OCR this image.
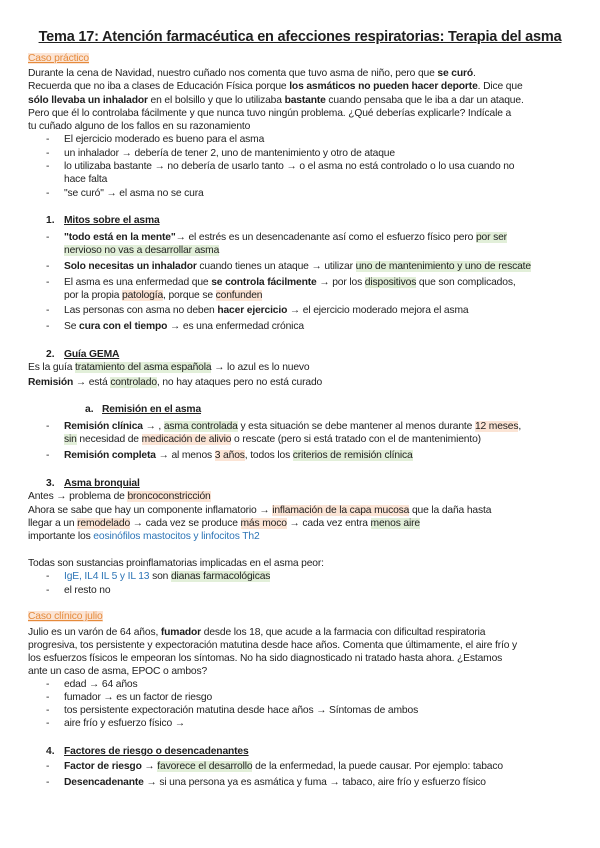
Tema 17: Atención farmacéutica en afecciones respiratorias: Terapia del asma
Caso práctico
Durante la cena de Navidad, nuestro cuñado nos comenta que tuvo asma de niño, pero que se curó.
Recuerda que no iba a clases de Educación Física porque los asmáticos no pueden hacer deporte. Dice que
sólo llevaba un inhalador en el bolsillo y que lo utilizaba bastante cuando pensaba que le iba a dar un ataque.
Pero que él lo controlaba fácilmente y que nunca tuvo ningún problema. ¿Qué deberías explicarle? Indícale a
tu cuñado alguno de los fallos en su razonamiento
- El ejercicio moderado es bueno para el asma
- un inhalador → debería de tener 2, uno de mantenimiento y otro de ataque
- lo utilizaba bastante → no debería de usarlo tanto → o el asma no está controlado o lo usa cuando no
hace falta
- "se curó" → el asma no se cura
1. Mitos sobre el asma
- "todo está en la mente"→ el estrés es un desencadenante así como el esfuerzo físico pero por ser
nervioso no vas a desarrollar asma
- Solo necesitas un inhalador cuando tienes un ataque → utilizar uno de mantenimiento y uno de rescate
- El asma es una enfermedad que se controla fácilmente → por los dispositivos que son complicados,
por la propia patología, porque se confunden
- Las personas con asma no deben hacer ejercicio → el ejercicio moderado mejora el asma
- Se cura con el tiempo → es una enfermedad crónica
2. Guía GEMA
Es la guía tratamiento del asma española → lo azul es lo nuevo
Remisión → está controlado, no hay ataques pero no está curado
a. Remisión en el asma
- Remisión clínica → , asma controlada y esta situación se debe mantener al menos durante 12 meses,
sin necesidad de medicación de alivio o rescate (pero si está tratado con el de mantenimiento)
- Remisión completa → al menos 3 años, todos los criterios de remisión clínica
3. Asma bronquial
Antes → problema de broncoconstricción
Ahora se sabe que hay un componente inflamatorio → inflamación de la capa mucosa que la daña hasta
llegar a un remodelado → cada vez se produce más moco → cada vez entra menos aire
importante los eosinófilos mastocitos y linfocitos Th2
Todas son sustancias proinflamatorias implicadas en el asma peor:
- IgE, IL4 IL 5 y IL 13 son dianas farmacológicas
- el resto no
Caso clínico julio
Julio es un varón de 64 años, fumador desde los 18, que acude a la farmacia con dificultad respiratoria
progresiva, tos persistente y expectoración matutina desde hace años. Comenta que últimamente, el aire frío y
los esfuerzos físicos le empeoran los síntomas. No ha sido diagnosticado ni tratado hasta ahora. ¿Estamos
ante un caso de asma, EPOC o ambos?
- edad → 64 años
- fumador → es un factor de riesgo
- tos persistente expectoración matutina desde hace años → Síntomas de ambos
- aire frío y esfuerzo físico →
4. Factores de riesgo o desencadenantes
- Factor de riesgo → favorece el desarrollo de la enfermedad, la puede causar. Por ejemplo: tabaco
- Desencadenante → si una persona ya es asmática y fuma → tabaco, aire frío y esfuerzo físico
